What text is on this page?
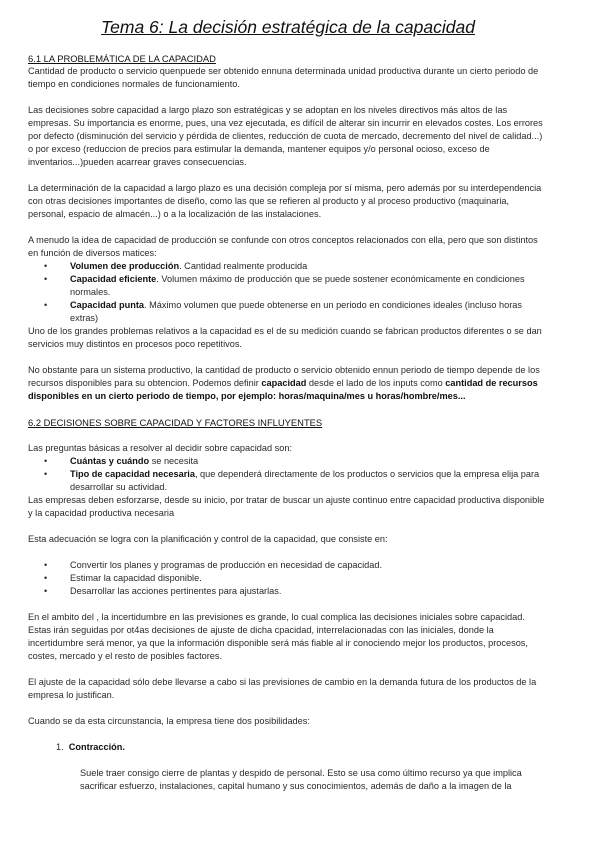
Tema 6: La decisión estratégica de la capacidad
6.1 LA PROBLEMÁTICA DE LA CAPACIDAD

Cantidad de producto o servicio quenpuede ser obtenido ennuna determinada unidad productiva durante un cierto periodo de tiempo en condiciones normales de funcionamiento.

Las decisiones sobre capacidad a largo plazo son estratégicas y se adoptan en los niveles directivos más altos de las empresas. Su importancia es enorme, pues, una vez ejecutada, es difícil de alterar sin incurrir en elevados costes. Los errores por defecto (disminución del servicio y pérdida de clientes, reducción de cuota de mercado, decremento del nivel de calidad...) o por exceso (reduccion de precios para estimular la demanda, mantener equipos y/o personal ocioso, exceso de inventarios...)pueden acarrear graves consecuencias.

La determinación de la capacidad a largo plazo es una decisión compleja por sí misma, pero además por su interdependencia con otras decisiones importantes de diseño, como las que se refieren al producto y al proceso productivo (maquinaria, personal, espacio de almacén...) o a la localización de las instalaciones.

A menudo la idea de capacidad de producción se confunde con otros conceptos relacionados con ella, pero que son distintos en función de diversos matices:

• Volumen dee producción. Cantidad realmente producida
• Capacidad eficiente. Volumen máximo de producción que se puede sostener económicamente en condiciones normales.
• Capacidad punta. Máximo volumen que puede obtenerse en un periodo en condiciones ideales (incluso horas extras)

Uno de los grandes problemas relativos a la capacidad es el de su medición cuando se fabrican productos diferentes o se dan servicios muy distintos en procesos poco repetitivos.

No obstante para un sistema productivo, la cantidad de producto o servicio obtenido ennun periodo de tiempo depende de los recursos disponibles para su obtencion. Podemos definir capacidad desde el lado de los inputs como cantidad de recursos disponibles en un cierto periodo de tiempo, por ejemplo: horas/maquina/mes u horas/hombre/mes...

6.2 DECISIONES SOBRE CAPACIDAD Y FACTORES INFLUYENTES

Las preguntas básicas a resolver al decidir sobre capacidad son:

• Cuántas y cuándo se necesita
• Tipo de capacidad necesaria, que dependerá directamente de los productos o servicios que la empresa elija para desarrollar su actividad.

Las empresas deben esforzarse, desde su inicio, por tratar de buscar un ajuste continuo entre capacidad productiva disponible y la capacidad productiva necesaria

Esta adecuación se logra con la planificación y control de la capacidad, que consiste en:

• Convertir los planes y programas de producción en necesidad de capacidad.
• Estimar la capacidad disponible.
• Desarrollar las acciones pertinentes para ajustarlas.

En el ambito del , la incertidumbre en las previsiones es grande, lo cual complica las decisiones iniciales sobre capacidad. Estas irán seguidas por ot4as decisiones de ajuste de dicha cpacidad, interrelacionadas con las iniciales, donde la incertidumbre será menor, ya que la información disponible será más fiable al ir conociendo mejor los productos, procesos, costes, mercado y el resto de posibles factores.

El ajuste de la capacidad sólo debe llevarse a cabo si las previsiones de cambio en la demanda futura de los productos de la empresa lo justifican.

Cuando se da esta circunstancia, la empresa tiene dos posibilidades:

1. Contracción.

Suele traer consigo cierre de plantas y despido de personal. Esto se usa como último recurso ya que implica sacrificar esfuerzo, instalaciones, capital humano y sus conocimientos, además de daño a la imagen de la
